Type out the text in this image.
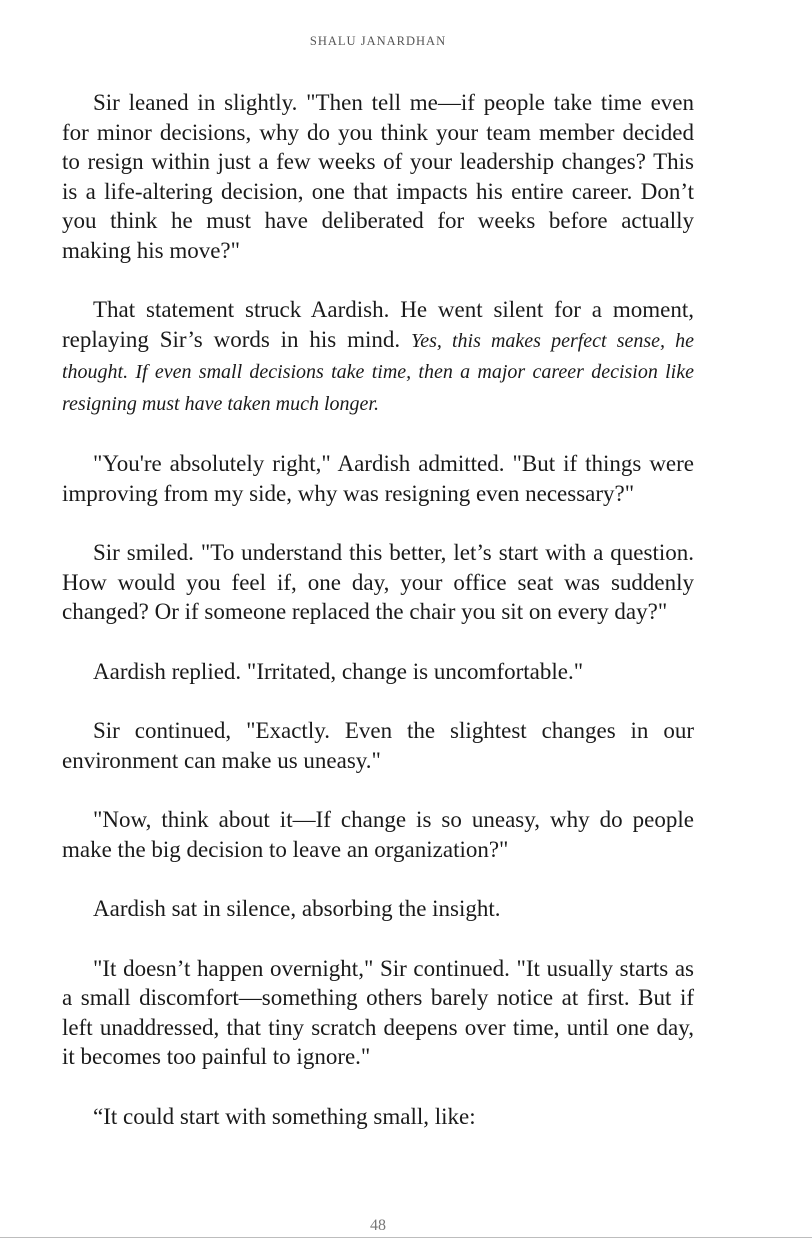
SHALU JANARDHAN

Sir leaned in slightly. "Then tell me—if people take time even for minor decisions, why do you think your team member decided to resign within just a few weeks of your leadership changes? This is a life-altering decision, one that impacts his entire career. Don’t you think he must have deliberated for weeks before actually making his move?"

That statement struck Aardish. He went silent for a moment, replaying Sir’s words in his mind. Yes, this makes perfect sense, he thought. If even small decisions take time, then a major career decision like resigning must have taken much longer.

"You're absolutely right," Aardish admitted. "But if things were improving from my side, why was resigning even necessary?"

Sir smiled. "To understand this better, let’s start with a question. How would you feel if, one day, your office seat was suddenly changed? Or if someone replaced the chair you sit on every day?"

Aardish replied. "Irritated, change is uncomfortable."

Sir continued, "Exactly. Even the slightest changes in our environment can make us uneasy."

"Now, think about it—If change is so uneasy, why do people make the big decision to leave an organization?"

Aardish sat in silence, absorbing the insight.

"It doesn’t happen overnight," Sir continued. "It usually starts as a small discomfort—something others barely notice at first. But if left unaddressed, that tiny scratch deepens over time, until one day, it becomes too painful to ignore."

“It could start with something small, like:

48
